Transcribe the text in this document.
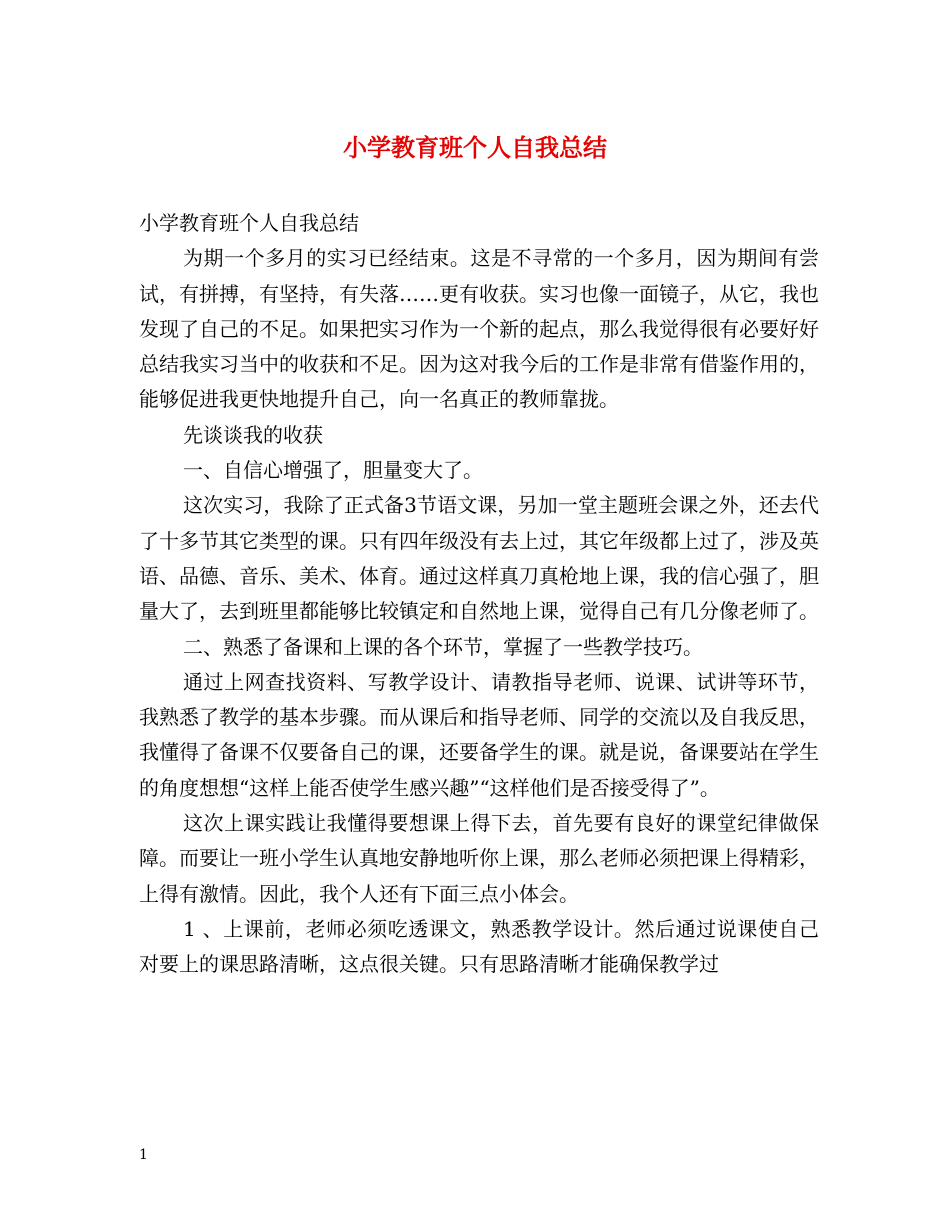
小学教育班个人自我总结

小学教育班个人自我总结

为期一个多月的实习已经结束。这是不寻常的一个多月，因为期间有尝试，有拼搏，有坚持，有失落……更有收获。实习也像一面镜子，从它，我也发现了自己的不足。如果把实习作为一个新的起点，那么我觉得很有必要好好总结我实习当中的收获和不足。因为这对我今后的工作是非常有借鉴作用的，能够促进我更快地提升自己，向一名真正的教师靠拢。

先谈谈我的收获

一、自信心增强了，胆量变大了。

这次实习，我除了正式备3节语文课，另加一堂主题班会课之外，还去代了十多节其它类型的课。只有四年级没有去上过，其它年级都上过了，涉及英语、品德、音乐、美术、体育。通过这样真刀真枪地上课，我的信心强了，胆量大了，去到班里都能够比较镇定和自然地上课，觉得自己有几分像老师了。

二、熟悉了备课和上课的各个环节，掌握了一些教学技巧。

通过上网查找资料、写教学设计、请教指导老师、说课、试讲等环节，我熟悉了教学的基本步骤。而从课后和指导老师、同学的交流以及自我反思，我懂得了备课不仅要备自己的课，还要备学生的课。就是说，备课要站在学生的角度想想“这样上能否使学生感兴趣”“这样他们是否接受得了”。

这次上课实践让我懂得要想课上得下去，首先要有良好的课堂纪律做保障。而要让一班小学生认真地安静地听你上课，那么老师必须把课上得精彩，上得有激情。因此，我个人还有下面三点小体会。

1 、上课前，老师必须吃透课文，熟悉教学设计。然后通过说课使自己对要上的课思路清晰，这点很关键。只有思路清晰才能确保教学过

1
